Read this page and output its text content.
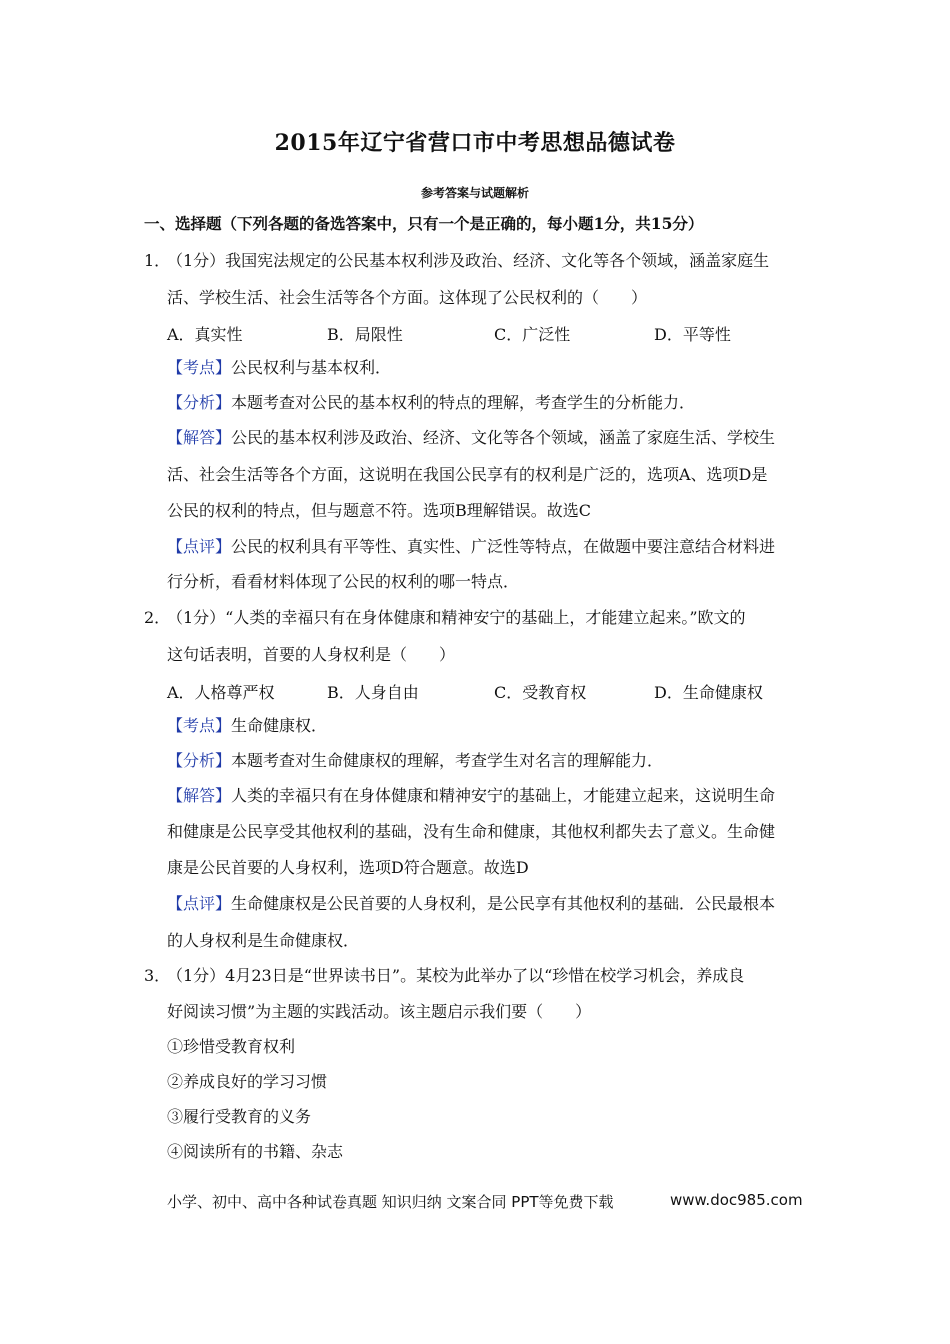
2015年辽宁省营口市中考思想品德试卷
参考答案与试题解析
一、选择题（下列各题的备选答案中，只有一个是正确的，每小题1分，共15分）
1．
（1分）我国宪法规定的公民基本权利涉及政治、经济、文化等各个领域，涵盖家庭生
活、学校生活、社会生活等各个方面。这体现了公民权利的（　　）
A．真实性	B．局限性	C．广泛性	D．平等性
【考点】公民权利与基本权利．
【分析】本题考查对公民的基本权利的特点的理解，考查学生的分析能力．
【解答】公民的基本权利涉及政治、经济、文化等各个领域，涵盖了家庭生活、学校生
活、社会生活等各个方面，这说明在我国公民享有的权利是广泛的，选项A、选项D是
公民的权利的特点，但与题意不符。选项B理解错误。故选C
【点评】公民的权利具有平等性、真实性、广泛性等特点，在做题中要注意结合材料进
行分析，看看材料体现了公民的权利的哪一特点．
2．
（1分）“人类的幸福只有在身体健康和精神安宁的基础上，才能建立起来。”欧文的
这句话表明，首要的人身权利是（　　）
A．人格尊严权	B．人身自由	C．受教育权	D．生命健康权
【考点】生命健康权．
【分析】本题考查对生命健康权的理解，考查学生对名言的理解能力．
【解答】人类的幸福只有在身体健康和精神安宁的基础上，才能建立起来，这说明生命
和健康是公民享受其他权利的基础，没有生命和健康，其他权利都失去了意义。生命健
康是公民首要的人身权利，选项D符合题意。故选D
【点评】生命健康权是公民首要的人身权利，是公民享有其他权利的基础．公民最根本
的人身权利是生命健康权．
3．
（1分）4月23日是“世界读书日”。某校为此举办了以“珍惜在校学习机会，养成良
好阅读习惯”为主题的实践活动。该主题启示我们要（　　）
①珍惜受教育权利
②养成良好的学习习惯
③履行受教育的义务
④阅读所有的书籍、杂志
小学、初中、高中各种试卷真题 知识归纳 文案合同 PPT等免费下载	www.doc985.com
